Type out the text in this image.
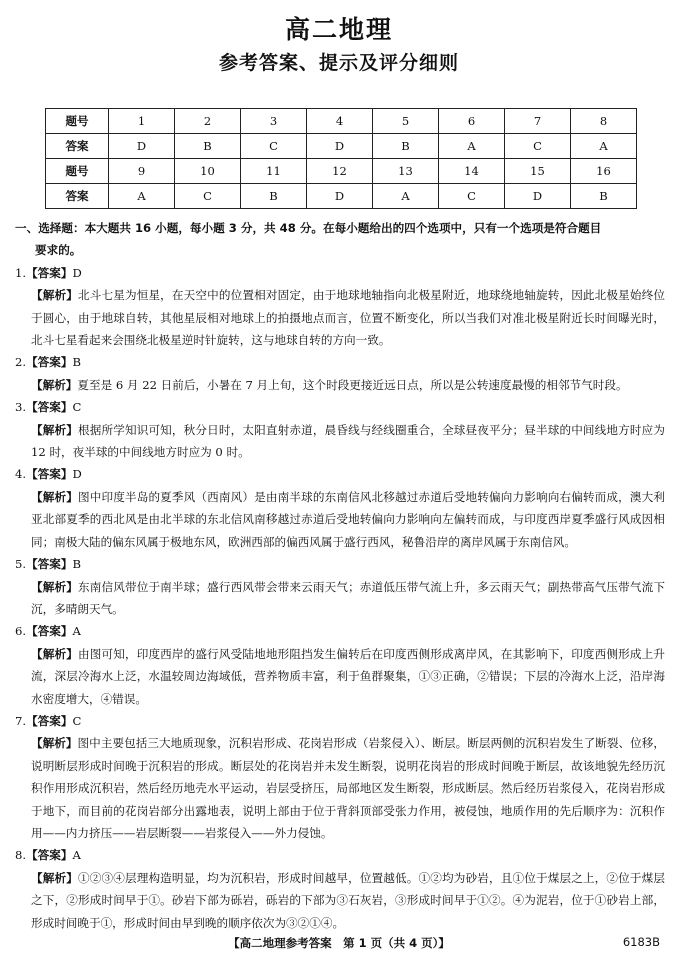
高二地理
参考答案、提示及评分细则
题号	1	2	3	4	5	6	7	8
答案	D	B	C	D	B	A	C	A
题号	9	10	11	12	13	14	15	16
答案	A	C	B	D	A	C	D	B
一、选择题：本大题共 16 小题，每小题 3 分，共 48 分。在每小题给出的四个选项中，只有一个选项是符合题目
要求的。
1.【答案】D
【解析】北斗七星为恒星，在天空中的位置相对固定，由于地球地轴指向北极星附近，地球绕地轴旋转，因此北极星始终位于圆心，由于地球自转，其他星辰相对地球上的拍摄地点而言，位置不断变化，所以当我们对准北极星附近长时间曝光时，北斗七星看起来会围绕北极星逆时针旋转，这与地球自转的方向一致。
2.【答案】B
【解析】夏至是 6 月 22 日前后，小暑在 7 月上旬，这个时段更接近远日点，所以是公转速度最慢的相邻节气时段。
3.【答案】C
【解析】根据所学知识可知，秋分日时，太阳直射赤道，晨昏线与经线圈重合，全球昼夜平分；昼半球的中间线地方时应为 12 时，夜半球的中间线地方时应为 0 时。
4.【答案】D
【解析】图中印度半岛的夏季风（西南风）是由南半球的东南信风北移越过赤道后受地转偏向力影响向右偏转而成，澳大利亚北部夏季的西北风是由北半球的东北信风南移越过赤道后受地转偏向力影响向左偏转而成，与印度西岸夏季盛行风成因相同；南极大陆的偏东风属于极地东风，欧洲西部的偏西风属于盛行西风，秘鲁沿岸的离岸风属于东南信风。
5.【答案】B
【解析】东南信风带位于南半球；盛行西风带会带来云雨天气；赤道低压带气流上升，多云雨天气；副热带高气压带气流下沉，多晴朗天气。
6.【答案】A
【解析】由图可知，印度西岸的盛行风受陆地地形阻挡发生偏转后在印度西侧形成离岸风，在其影响下，印度西侧形成上升流，深层冷海水上泛，水温较周边海域低，营养物质丰富，利于鱼群聚集，①③正确，②错误；下层的冷海水上泛，沿岸海水密度增大，④错误。
7.【答案】C
【解析】图中主要包括三大地质现象，沉积岩形成、花岗岩形成（岩浆侵入）、断层。断层两侧的沉积岩发生了断裂、位移，说明断层形成时间晚于沉积岩的形成。断层处的花岗岩并未发生断裂，说明花岗岩的形成时间晚于断层，故该地貌先经历沉积作用形成沉积岩，然后经历地壳水平运动，岩层受挤压，局部地区发生断裂，形成断层。然后经历岩浆侵入，花岗岩形成于地下，而目前的花岗岩部分出露地表，说明上部由于位于背斜顶部受张力作用，被侵蚀，地质作用的先后顺序为：沉积作用——内力挤压——岩层断裂——岩浆侵入——外力侵蚀。
8.【答案】A
【解析】①②③④层理构造明显，均为沉积岩，形成时间越早，位置越低。①②均为砂岩，且①位于煤层之上，②位于煤层之下，②形成时间早于①。砂岩下部为砾岩，砾岩的下部为③石灰岩，③形成时间早于①②。④为泥岩，位于①砂岩上部，形成时间晚于①，形成时间由早到晚的顺序依次为③②①④。
【高二地理参考答案　第 1 页（共 4 页）】	6183B
